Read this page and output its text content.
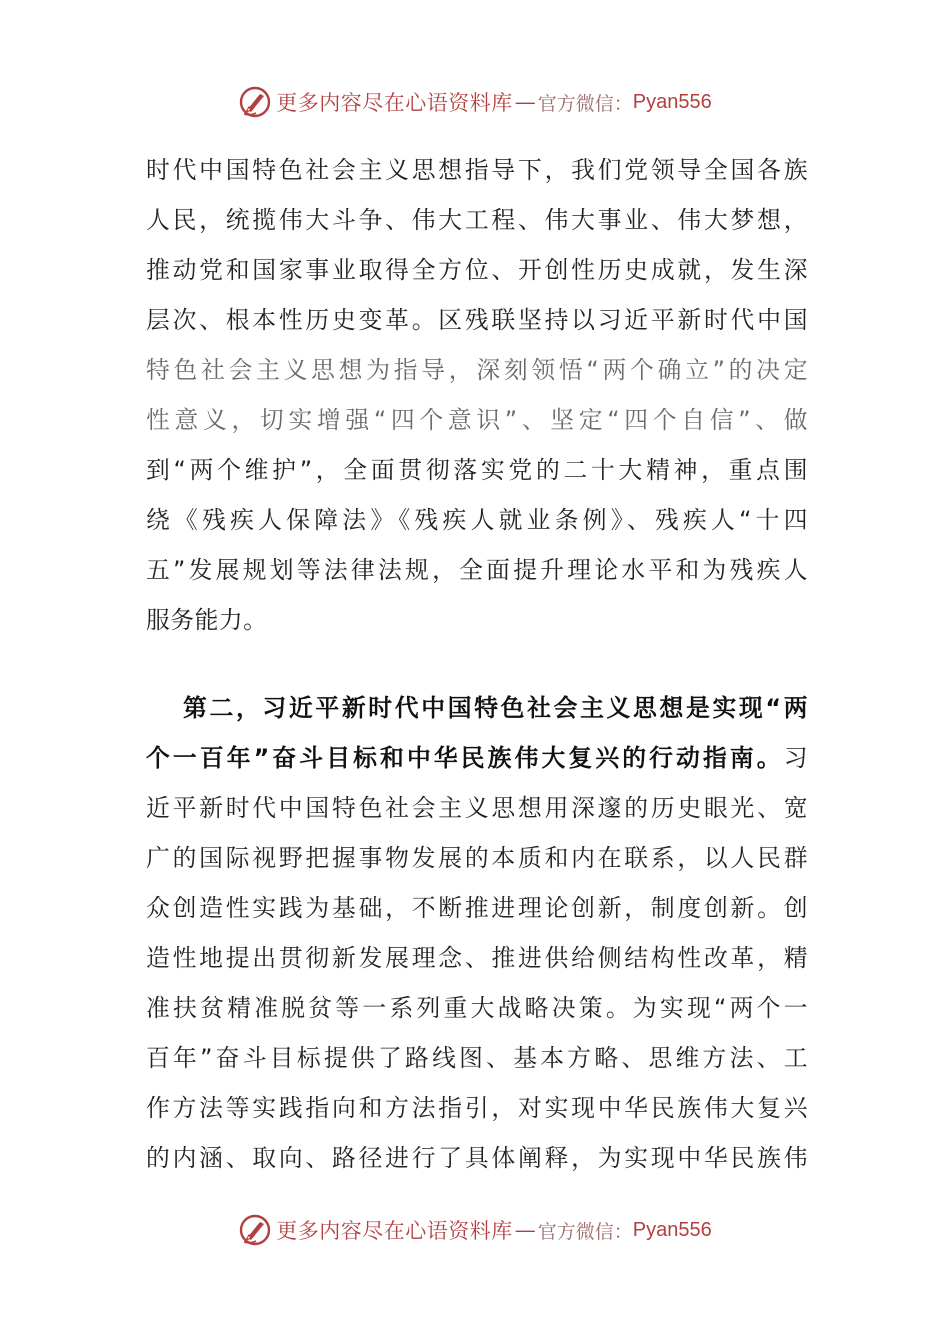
更多内容尽在心语资料库 — 官方微信： Pyan556
时代中国特色社会主义思想指导下，我们党领导全国各族
人民，统揽伟大斗争、伟大工程、伟大事业、伟大梦想，
推动党和国家事业取得全方位、开创性历史成就，发生深
层次、根本性历史变革。区残联坚持以习近平新时代中国
特色社会主义思想为指导，深刻领悟“两个确立”的决定
性意义，切实增强“四个意识”、坚定“四个自信”、做
到“两个维护”，全面贯彻落实党的二十大精神，重点围
绕《残疾人保障法》《残疾人就业条例》、残疾人“十四
五”发展规划等法律法规，全面提升理论水平和为残疾人
服务能力。
第二，习近平新时代中国特色社会主义思想是实现“两
个一百年”奋斗目标和中华民族伟大复兴的行动指南。习
近平新时代中国特色社会主义思想用深邃的历史眼光、宽
广的国际视野把握事物发展的本质和内在联系，以人民群
众创造性实践为基础，不断推进理论创新，制度创新。创
造性地提出贯彻新发展理念、推进供给侧结构性改革，精
准扶贫精准脱贫等一系列重大战略决策。为实现“两个一
百年”奋斗目标提供了路线图、基本方略、思维方法、工
作方法等实践指向和方法指引，对实现中华民族伟大复兴
的内涵、取向、路径进行了具体阐释，为实现中华民族伟
更多内容尽在心语资料库 — 官方微信： Pyan556
